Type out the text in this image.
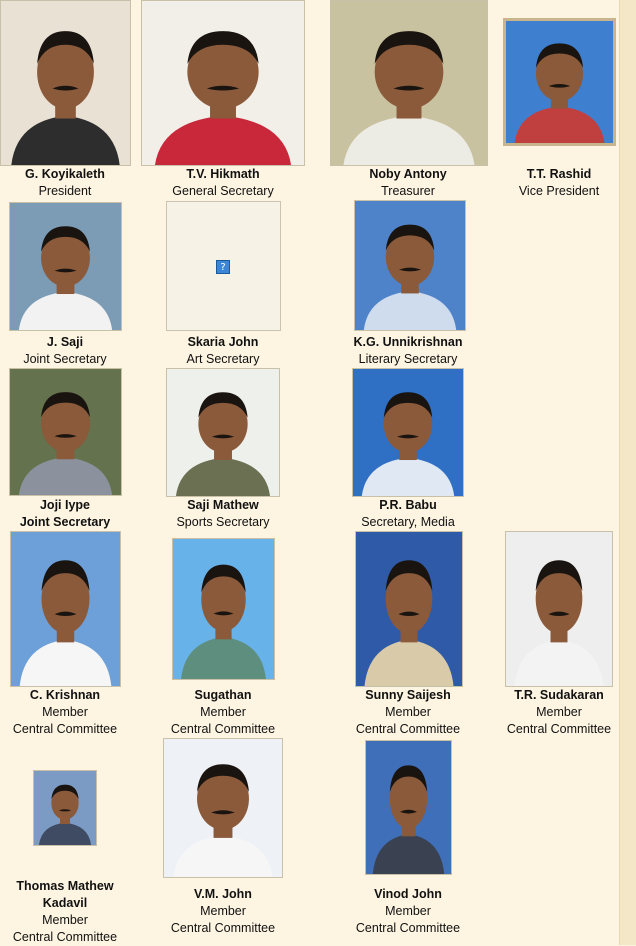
G. Koyikaleth
President
T.V. Hikmath
General Secretary
Noby Antony
Treasurer
T.T. Rashid
Vice President
J. Saji
Joint Secretary
?
Skaria John
Art Secretary
K.G. Unnikrishnan
Literary Secretary
Joji Iype
Joint Secretary
Saji Mathew
Sports Secretary
P.R. Babu
Secretary, Media
C. Krishnan
Member
Central Committee
Sugathan
Member
Central Committee
Sunny Saijesh
Member
Central Committee
T.R. Sudakaran
Member
Central Committee
Thomas Mathew
Kadavil
Member
Central Committee
V.M. John
Member
Central Committee
Vinod John
Member
Central Committee
